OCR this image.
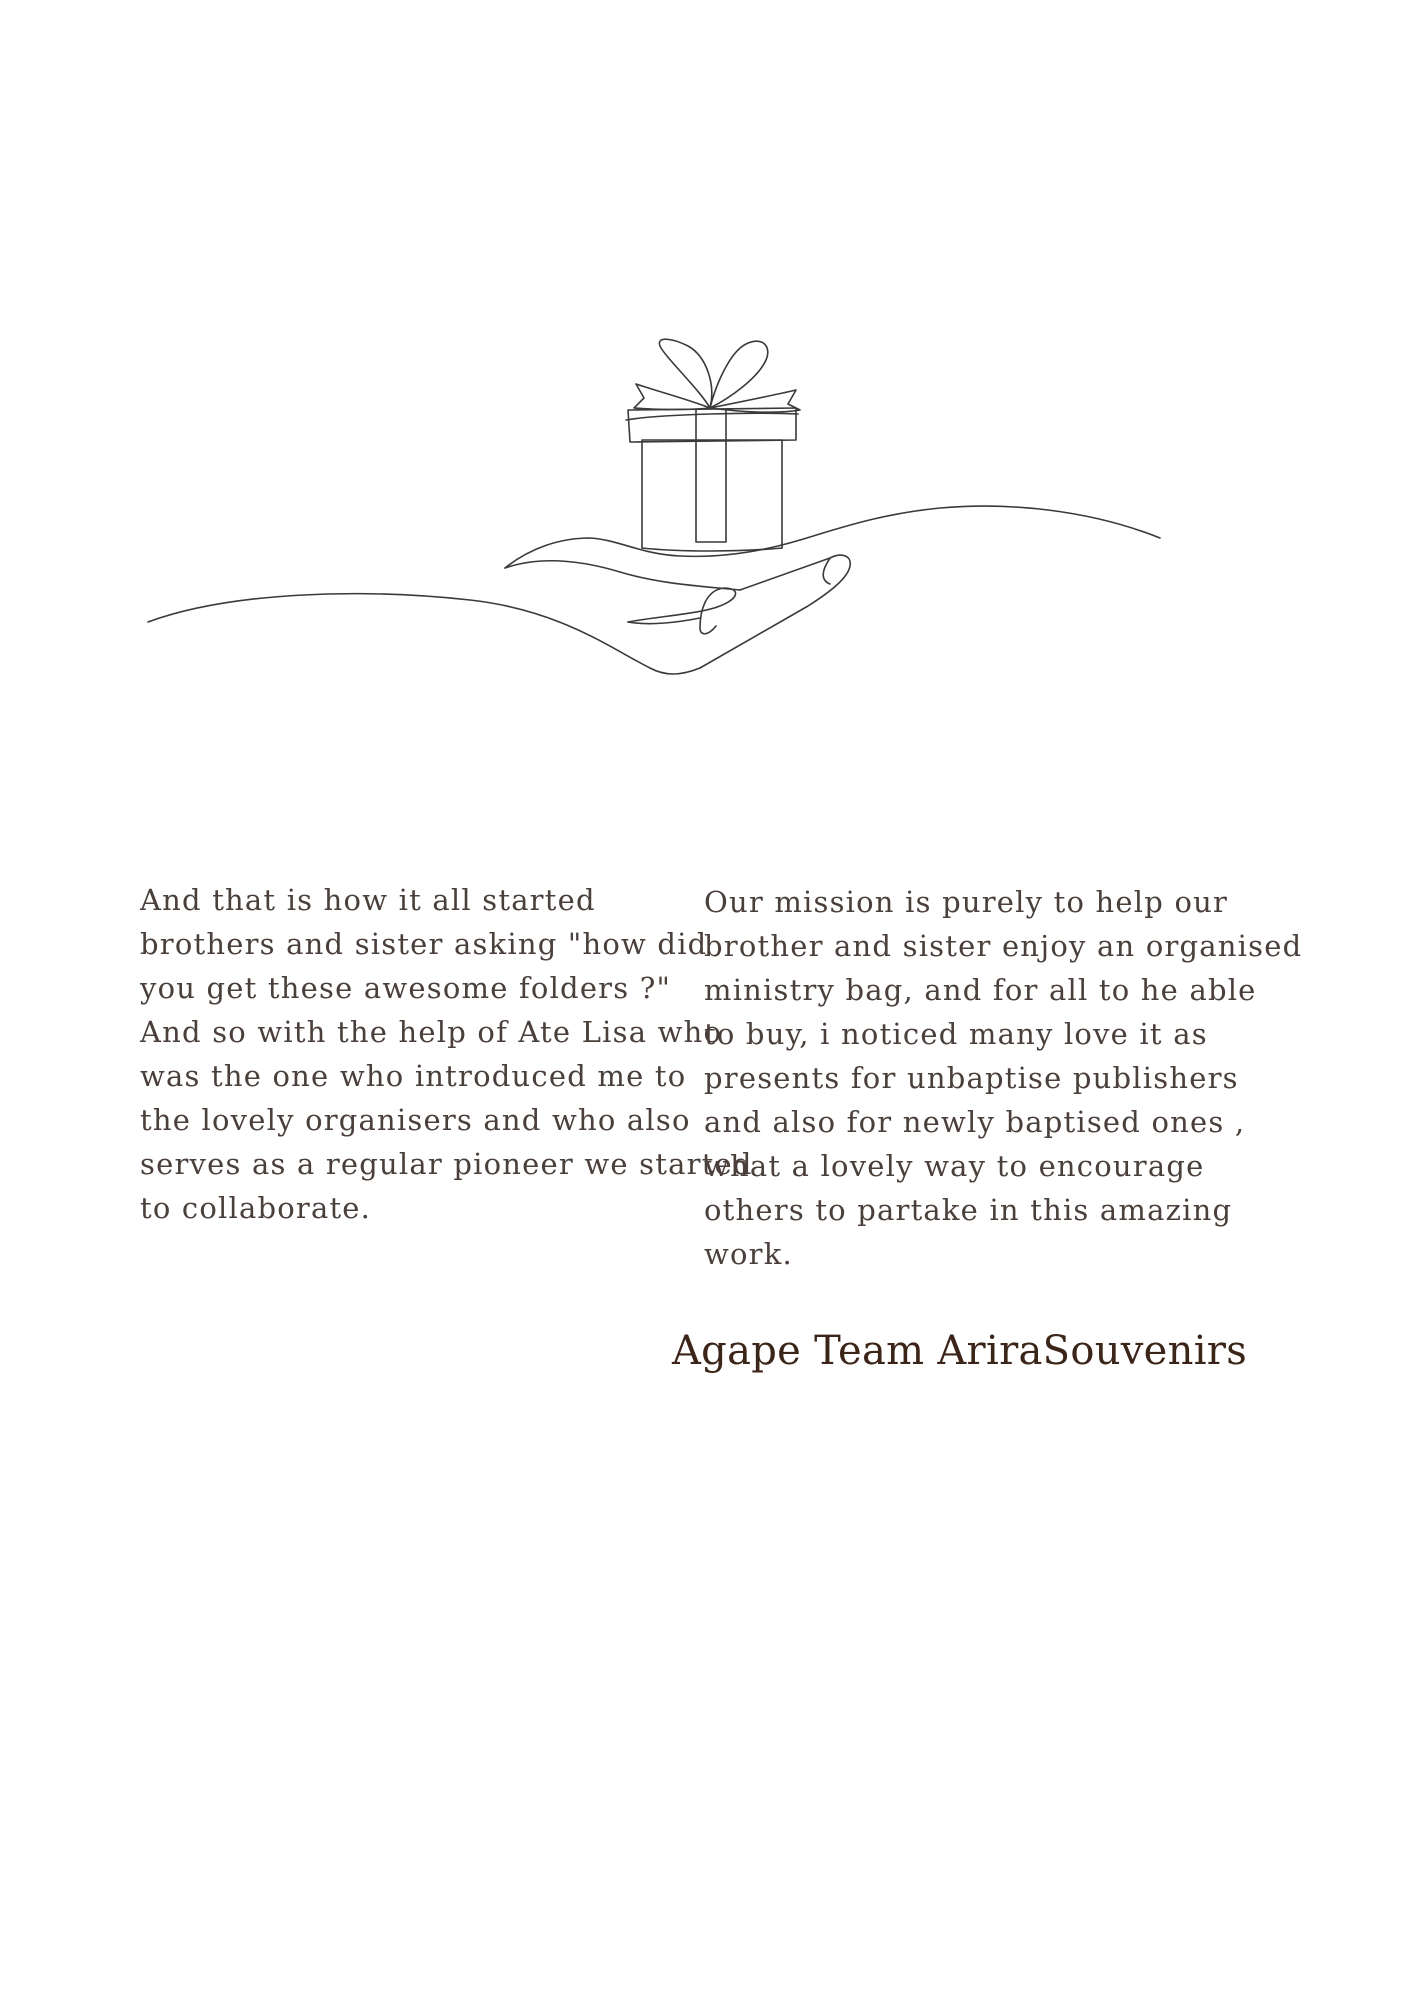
And that is how it all started
brothers and sister asking "how did
you get these awesome folders ?"
And so with the help of Ate Lisa who
was the one who introduced me to
the lovely organisers and who also
serves as a regular pioneer we started
to collaborate.
Our mission is purely to help our
brother and sister enjoy an organised
ministry bag, and for all to he able
to buy, i noticed many love it as
presents for unbaptise publishers
and also for newly baptised ones ,
what a lovely way to encourage
others to partake in this amazing
work.
Agape Team AriraSouvenirs
